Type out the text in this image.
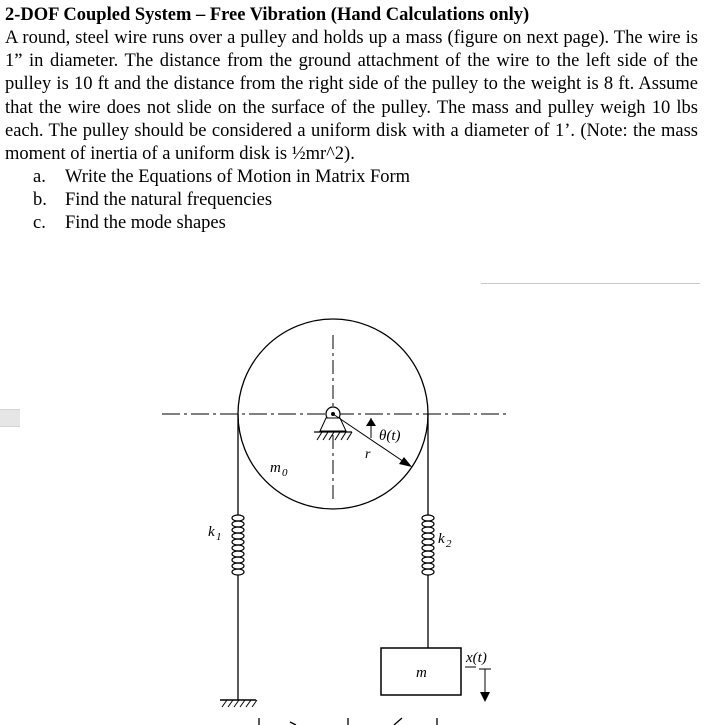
2-DOF Coupled System – Free Vibration (Hand Calculations only)

A round, steel wire runs over a pulley and holds up a mass (figure on next page). The wire is 1” in diameter. The distance from the ground attachment of the wire to the left side of the pulley is 10 ft and the distance from the right side of the pulley to the weight is 8 ft. Assume that the wire does not slide on the surface of the pulley. The mass and pulley weigh 10 lbs each. The pulley should be considered a uniform disk with a diameter of 1’. (Note: the mass moment of inertia of a uniform disk is ½mr^2).

a. Write the Equations of Motion in Matrix Form
b. Find the natural frequencies
c. Find the mode shapes
θ(t)
r
m 0
k 1	k 2
m
x(t)
